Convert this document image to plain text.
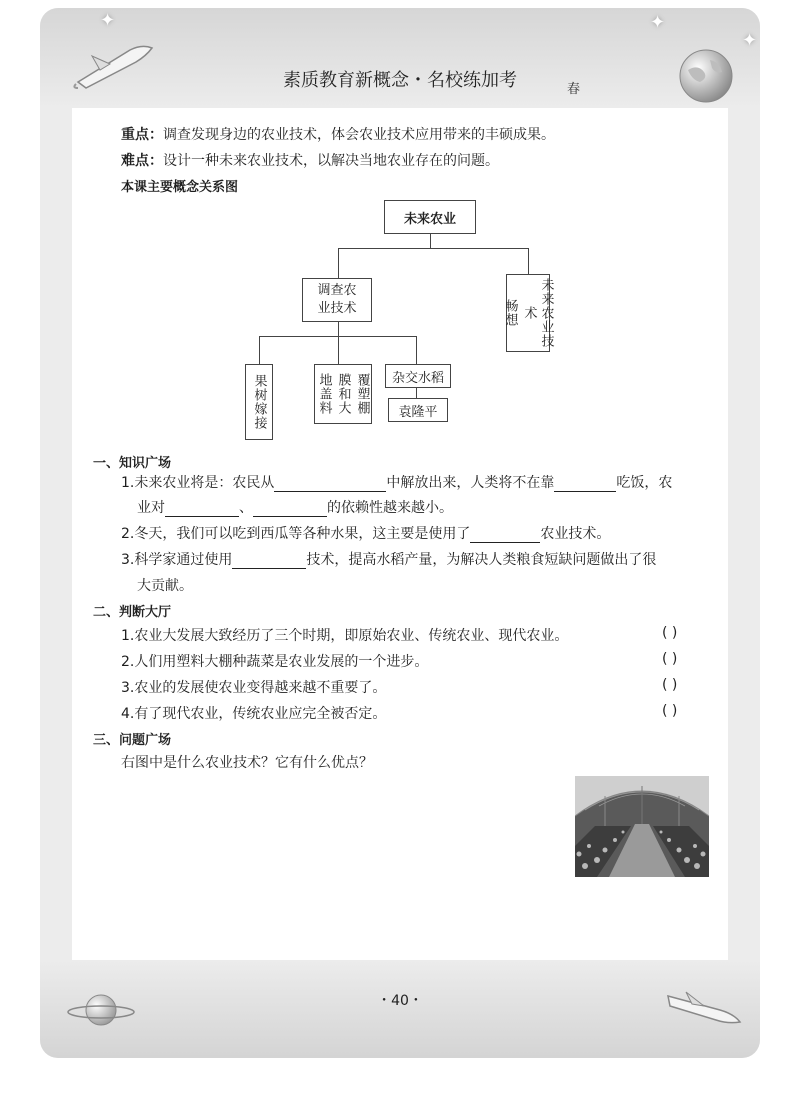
✦
✦
✦
素质教育新概念・名校练加考	春
重点：调查发现身边的农业技术，体会农业技术应用带来的丰硕成果。
难点：设计一种未来农业技术，以解决当地农业存在的问题。
本课主要概念关系图
未来农业
调查农
业技术	畅想	未来农业技术
果树嫁接	地盖料 膜和大 覆塑棚	杂交水稻
袁隆平
一、知识广场
1.未来农业将是：农民从	中解放出来，人类将不在靠	吃饭，农
业对	、	的依赖性越来越小。
2.冬天，我们可以吃到西瓜等各种水果，这主要是使用了	农业技术。
3.科学家通过使用	技术，提高水稻产量，为解决人类粮食短缺问题做出了很
大贡献。
二、判断大厅
1.农业大发展大致经历了三个时期，即原始农业、传统农业、现代农业。	( )
2.人们用塑料大棚种蔬菜是农业发展的一个进步。	( )
3.农业的发展使农业变得越来越不重要了。	( )
4.有了现代农业，传统农业应完全被否定。	( )
三、问题广场
右图中是什么农业技术？它有什么优点？
・40・
